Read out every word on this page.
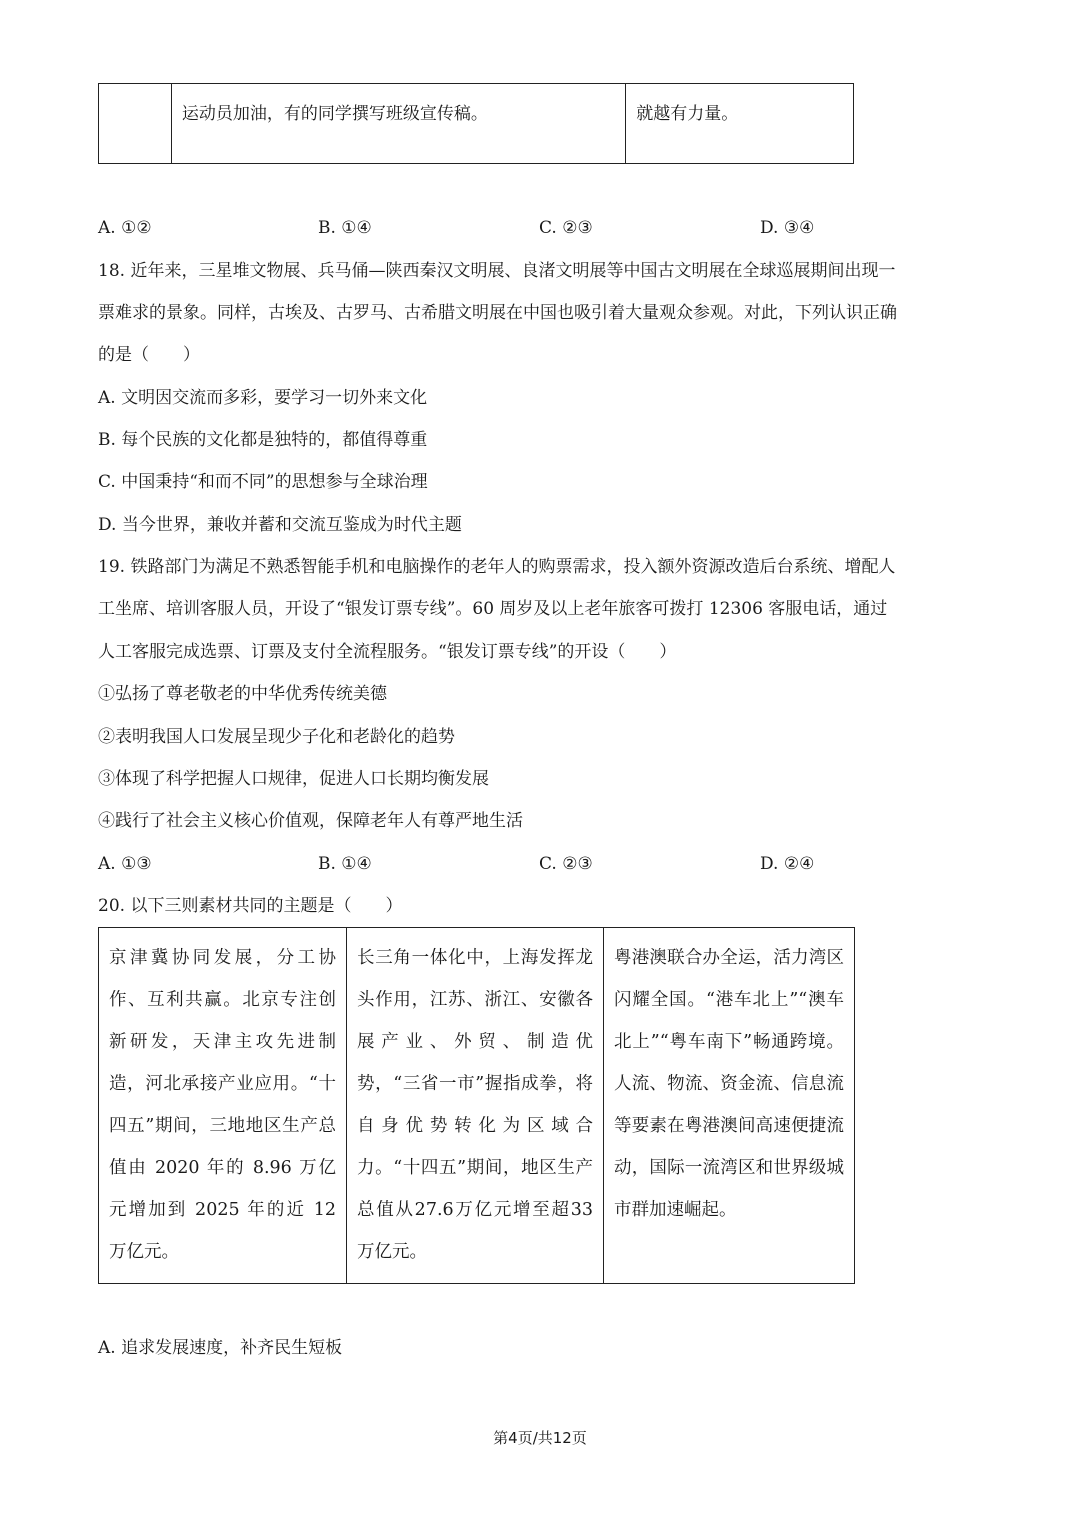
	运动员加油，有的同学撰写班级宣传稿。	就越有力量。
A. ①②	B. ①④	C. ②③	D. ③④
18. 近年来，三星堆文物展、兵马俑—陕西秦汉文明展、良渚文明展等中国古文明展在全球巡展期间出现一
票难求的景象。同样，古埃及、古罗马、古希腊文明展在中国也吸引着大量观众参观。对此，下列认识正确
的是（　　）
A. 文明因交流而多彩，要学习一切外来文化
B. 每个民族的文化都是独特的，都值得尊重
C. 中国秉持“和而不同”的思想参与全球治理
D. 当今世界，兼收并蓄和交流互鉴成为时代主题
19. 铁路部门为满足不熟悉智能手机和电脑操作的老年人的购票需求，投入额外资源改造后台系统、增配人
工坐席、培训客服人员，开设了“银发订票专线”。60 周岁及以上老年旅客可拨打 12306 客服电话，通过
人工客服完成选票、订票及支付全流程服务。“银发订票专线”的开设（　　）
①弘扬了尊老敬老的中华优秀传统美德
②表明我国人口发展呈现少子化和老龄化的趋势
③体现了科学把握人口规律，促进人口长期均衡发展
④践行了社会主义核心价值观，保障老年人有尊严地生活
A. ①③	B. ①④	C. ②③	D. ②④
20. 以下三则素材共同的主题是（　　）
京津冀协同发展，分工协作、互利共赢。北京专注创新研发，天津主攻先进制造，河北承接产业应用。“十四五”期间，三地地区生产总值由 2020 年的 8.96 万亿元增加到 2025 年的近 12 万亿元。	长三角一体化中，上海发挥龙头作用，江苏、浙江、安徽各展产业、外贸、制造优势，“三省一市”握指成拳，将自身优势转化为区域合力。“十四五”期间，地区生产总值从27.6万亿元增至超33万亿元。	粤港澳联合办全运，活力湾区闪耀全国。“港车北上”“澳车北上”“粤车南下”畅通跨境。人流、物流、资金流、信息流等要素在粤港澳间高速便捷流动，国际一流湾区和世界级城市群加速崛起。
A. 追求发展速度，补齐民生短板
第4页/共12页
